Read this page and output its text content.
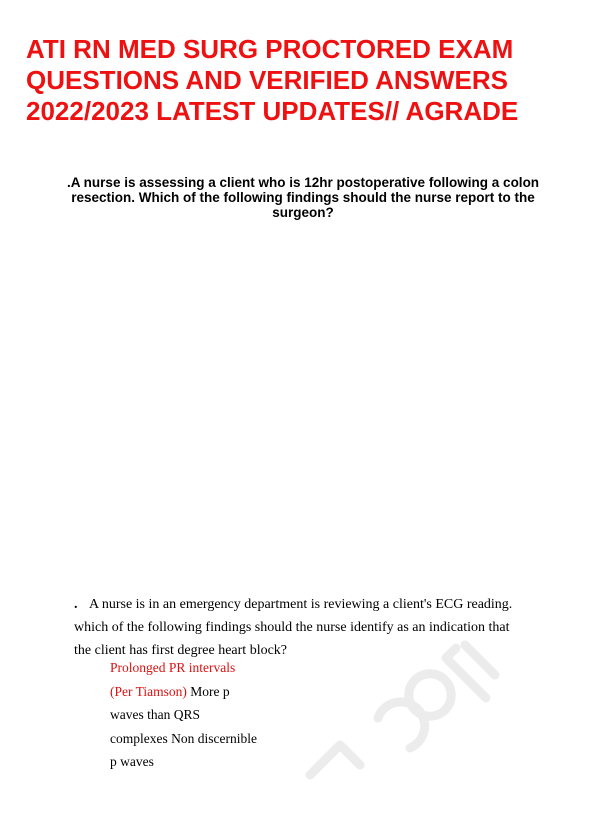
ATI RN MED SURG PROCTORED EXAM
QUESTIONS AND VERIFIED ANSWERS
2022/2023 LATEST UPDATES// AGRADE

.A nurse is assessing a client who is 12hr postoperative following a colon
resection. Which of the following findings should the nurse report to the
surgeon?

. A nurse is in an emergency department is reviewing a client's ECG reading.
which of the following findings should the nurse identify as an indication that
the client has first degree heart block?

Prolonged PR intervals
(Per Tiamson) More p
waves than QRS
complexes Non discernible
p waves
